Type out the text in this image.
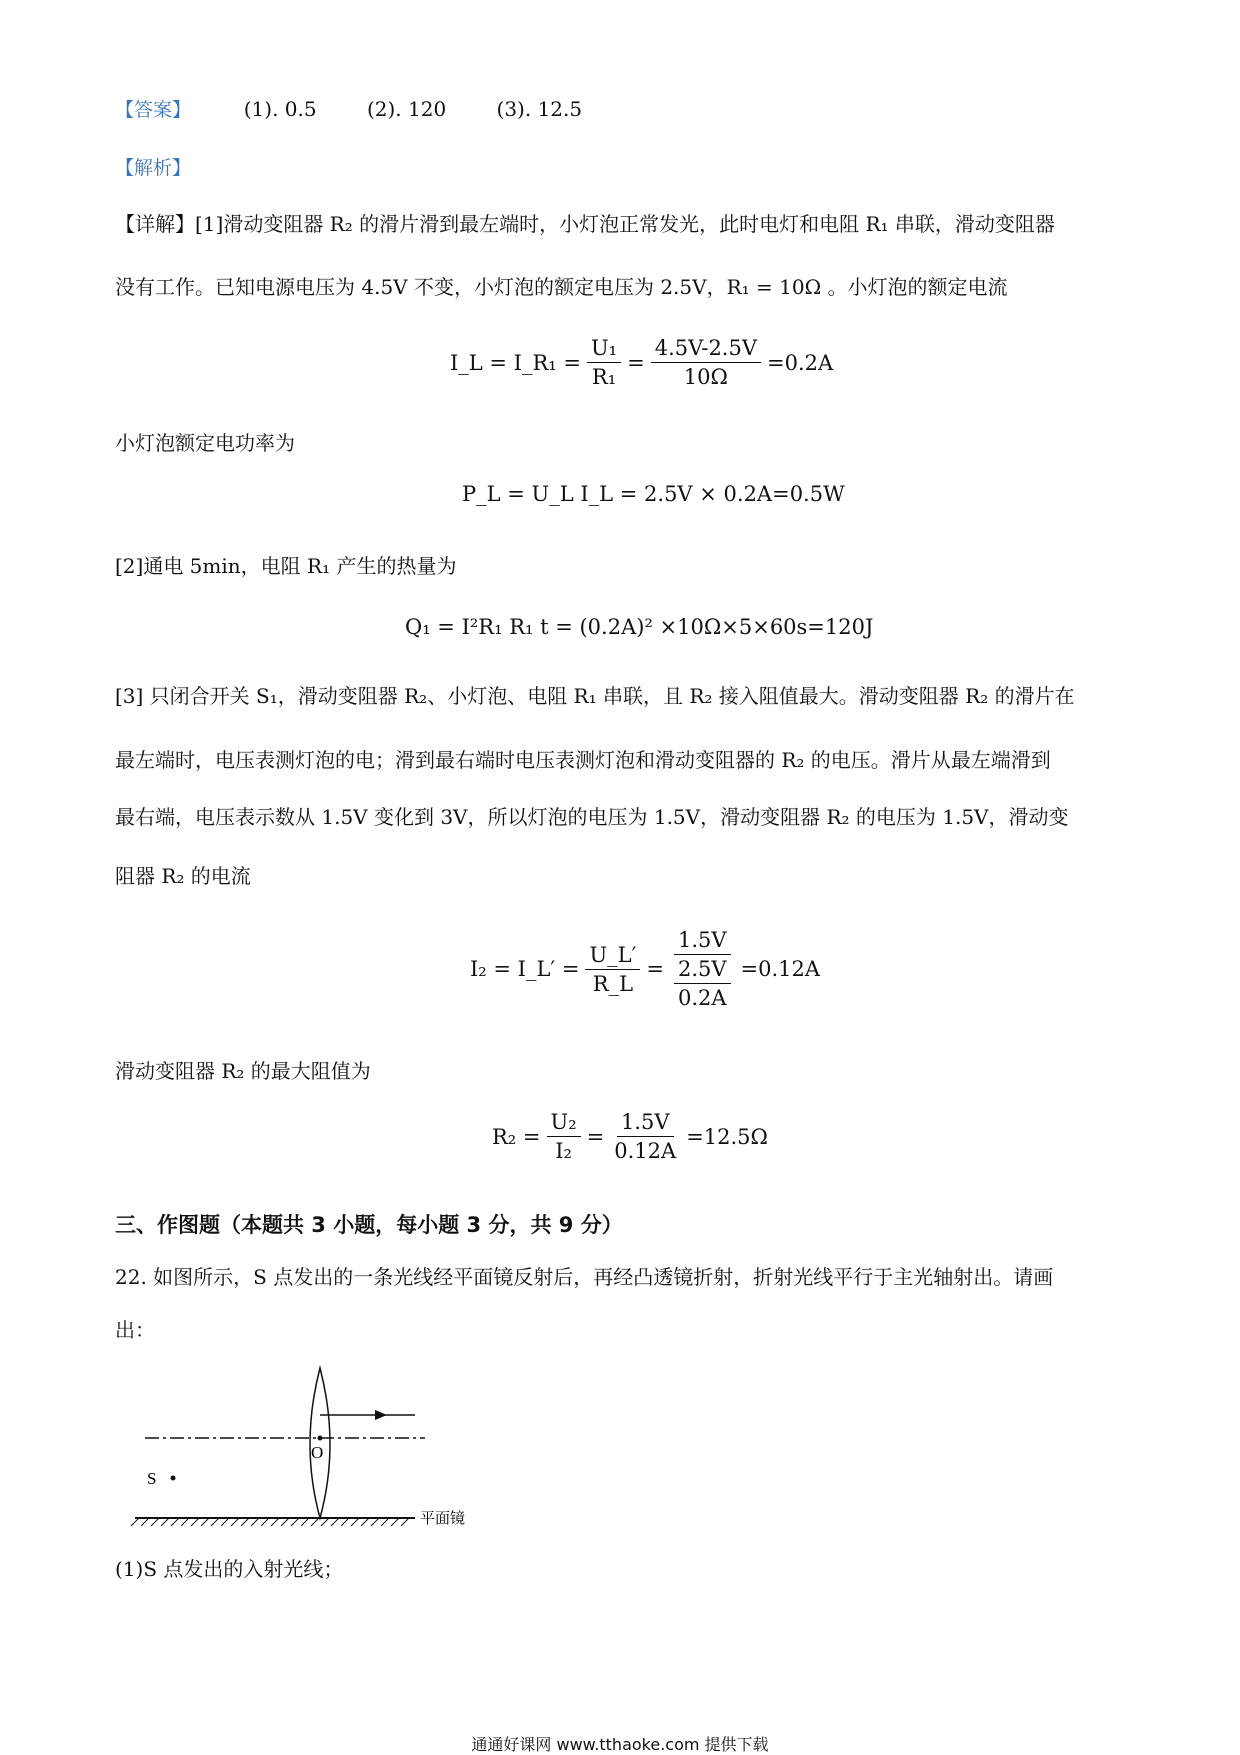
【答案】	(1). 0.5	(2). 120	(3). 12.5
【解析】
【详解】[1]滑动变阻器 R₂ 的滑片滑到最左端时，小灯泡正常发光，此时电灯和电阻 R₁ 串联，滑动变阻器
没有工作。已知电源电压为 4.5V 不变，小灯泡的额定电压为 2.5V，R₁ = 10Ω 。小灯泡的额定电流
I_L = I_R₁ = $\frac{\text{U₁}}{\text{R₁}} = \frac{4.5V-2.5V}{10\Omega} =0.2A$
小灯泡额定电功率为
P_L = U_L I_L = 2.5V × 0.2A=0.5W
[2]通电 5min，电阻 R₁ 产生的热量为
Q₁ = I²R₁ R₁ t = (0.2A)² ×10Ω×5×60s=120J
[3] 只闭合开关 S₁，滑动变阻器 R₂、小灯泡、电阻 R₁ 串联，且 R₂ 接入阻值最大。滑动变阻器 R₂ 的滑片在
最左端时，电压表测灯泡的电；滑到最右端时电压表测灯泡和滑动变阻器的 R₂ 的电压。滑片从最左端滑到
最右端，电压表示数从 1.5V 变化到 3V，所以灯泡的电压为 1.5V，滑动变阻器 R₂ 的电压为 1.5V，滑动变
阻器 R₂ 的电流
I₂ = I_L′ = $\frac{U\_L'}{R\_L} = \frac{1.5V}{\frac{2.5V}{0.2A}} =0.12A$
滑动变阻器 R₂ 的最大阻值为
$R_2 = \frac{\text{U₂}}{\text{I₂}} = \frac{1.5V}{0.12A} =12.5\Omega$
三、作图题（本题共 3 小题，每小题 3 分，共 9 分）
22. 如图所示，S 点发出的一条光线经平面镜反射后，再经凸透镜折射，折射光线平行于主光轴射出。请画
出：
O
S
平面镜
(1)S 点发出的入射光线；
通通好课网 www.tthaoke.com 提供下载
